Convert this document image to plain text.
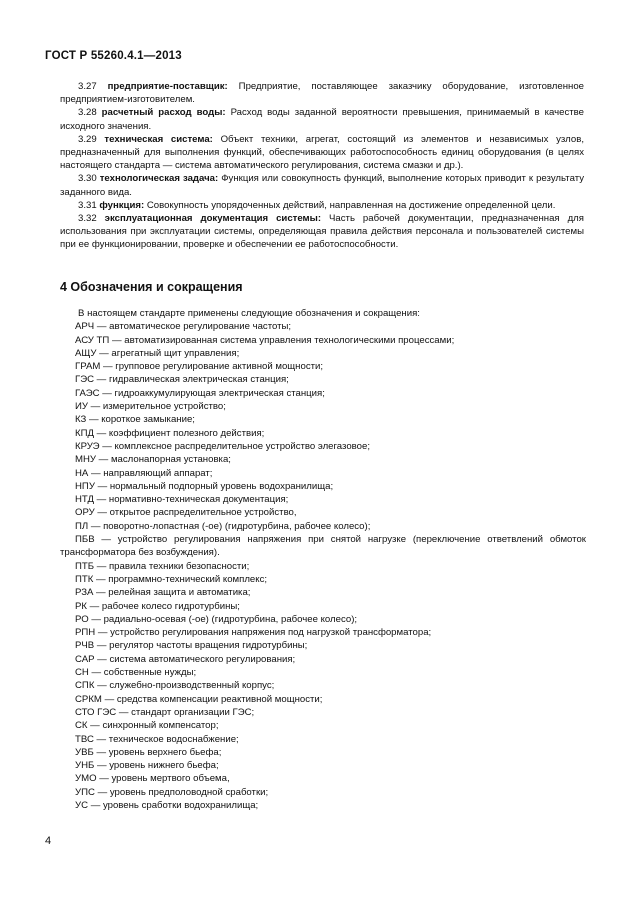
ГОСТ Р 55260.4.1—2013

3.27 предприятие-поставщик: Предприятие, поставляющее заказчику оборудование, изготовленное предприятием-изготовителем.

3.28 расчетный расход воды: Расход воды заданной вероятности превышения, принимаемый в качестве исходного значения.

3.29 техническая система: Объект техники, агрегат, состоящий из элементов и независимых узлов, предназначенный для выполнения функций, обеспечивающих работоспособность единиц оборудования (в целях настоящего стандарта — система автоматического регулирования, система смазки и др.).

3.30 технологическая задача: Функция или совокупность функций, выполнение которых приводит к результату заданного вида.

3.31 функция: Совокупность упорядоченных действий, направленная на достижение определенной цели.

3.32 эксплуатационная документация системы: Часть рабочей документации, предназначенная для использования при эксплуатации системы, определяющая правила действия персонала и пользователей системы при ее функционировании, проверке и обеспечении ее работоспособности.

4 Обозначения и сокращения

В настоящем стандарте применены следующие обозначения и сокращения:

АРЧ — автоматическое регулирование частоты;
АСУ ТП — автоматизированная система управления технологическими процессами;
АЩУ — агрегатный щит управления;
ГРАМ — групповое регулирование активной мощности;
ГЭС — гидравлическая электрическая станция;
ГАЭС — гидроаккумулирующая электрическая станция;
ИУ — измерительное устройство;
КЗ — короткое замыкание;
КПД — коэффициент полезного действия;
КРУЭ — комплексное распределительное устройство элегазовое;
МНУ — маслонапорная установка;
НА — направляющий аппарат;
НПУ — нормальный подпорный уровень водохранилища;
НТД — нормативно-техническая документация;
ОРУ — открытое распределительное устройство,
ПЛ — поворотно-лопастная (-ое) (гидротурбина, рабочее колесо);
ПБВ — устройство регулирования напряжения при снятой нагрузке (переключение ответвлений обмоток трансформатора без возбуждения).
ПТБ — правила техники безопасности;
ПТК — программно-технический комплекс;
РЗА — релейная защита и автоматика;
РК — рабочее колесо гидротурбины;
РО — радиально-осевая (-ое) (гидротурбина, рабочее колесо);
РПН — устройство регулирования напряжения под нагрузкой трансформатора;
РЧВ — регулятор частоты вращения гидротурбины;
САР — система автоматического регулирования;
СН — собственные нужды;
СПК — служебно-производственный корпус;
СРКМ — средства компенсации реактивной мощности;
СТО ГЭС — стандарт организации ГЭС;
СК — синхронный компенсатор;
ТВС — техническое водоснабжение;
УВБ — уровень верхнего бьефа;
УНБ — уровень нижнего бьефа;
УМО — уровень мертвого объема,
УПС — уровень предполоводной сработки;
УС — уровень сработки водохранилища;
4
